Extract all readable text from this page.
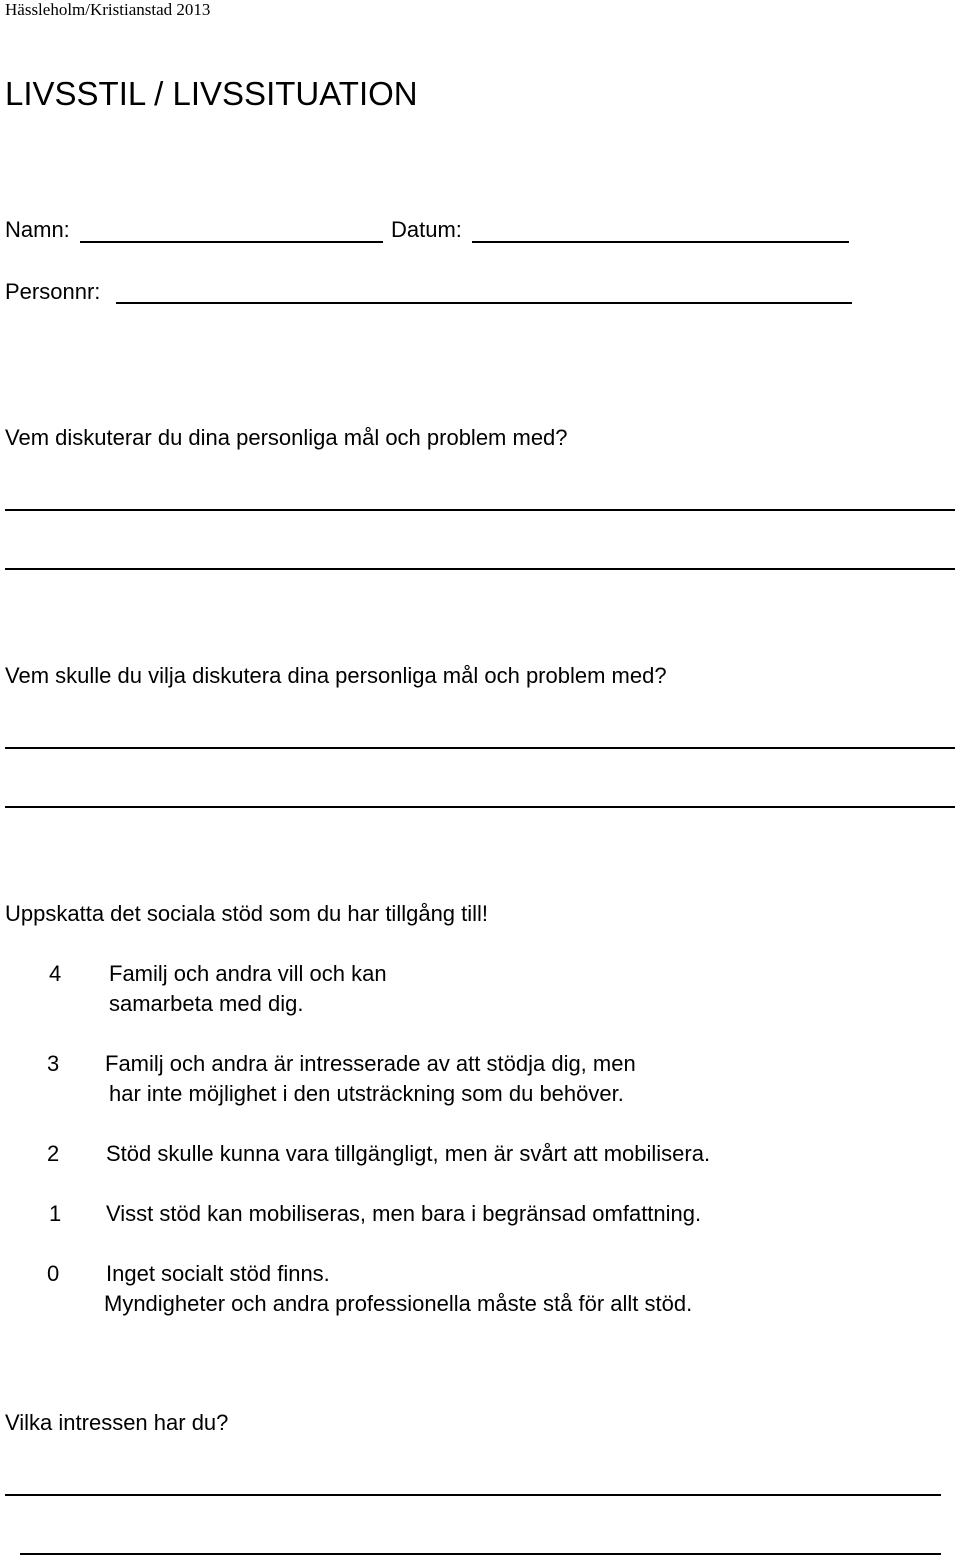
Hässleholm/Kristianstad 2013
LIVSSTIL / LIVSSITUATION
Namn:	Datum:
Personnr:
Vem diskuterar du dina personliga mål och problem med?
Vem skulle du vilja diskutera dina personliga mål och problem med?
Uppskatta det sociala stöd som du har tillgång till!
4 Familj och andra vill och kan
samarbeta med dig.
3 Familj och andra är intresserade av att stödja dig, men
har inte möjlighet i den utsträckning som du behöver.
2 Stöd skulle kunna vara tillgängligt, men är svårt att mobilisera.
1 Visst stöd kan mobiliseras, men bara i begränsad omfattning.
0 Inget socialt stöd finns.
Myndigheter och andra professionella måste stå för allt stöd.
Vilka intressen har du?
